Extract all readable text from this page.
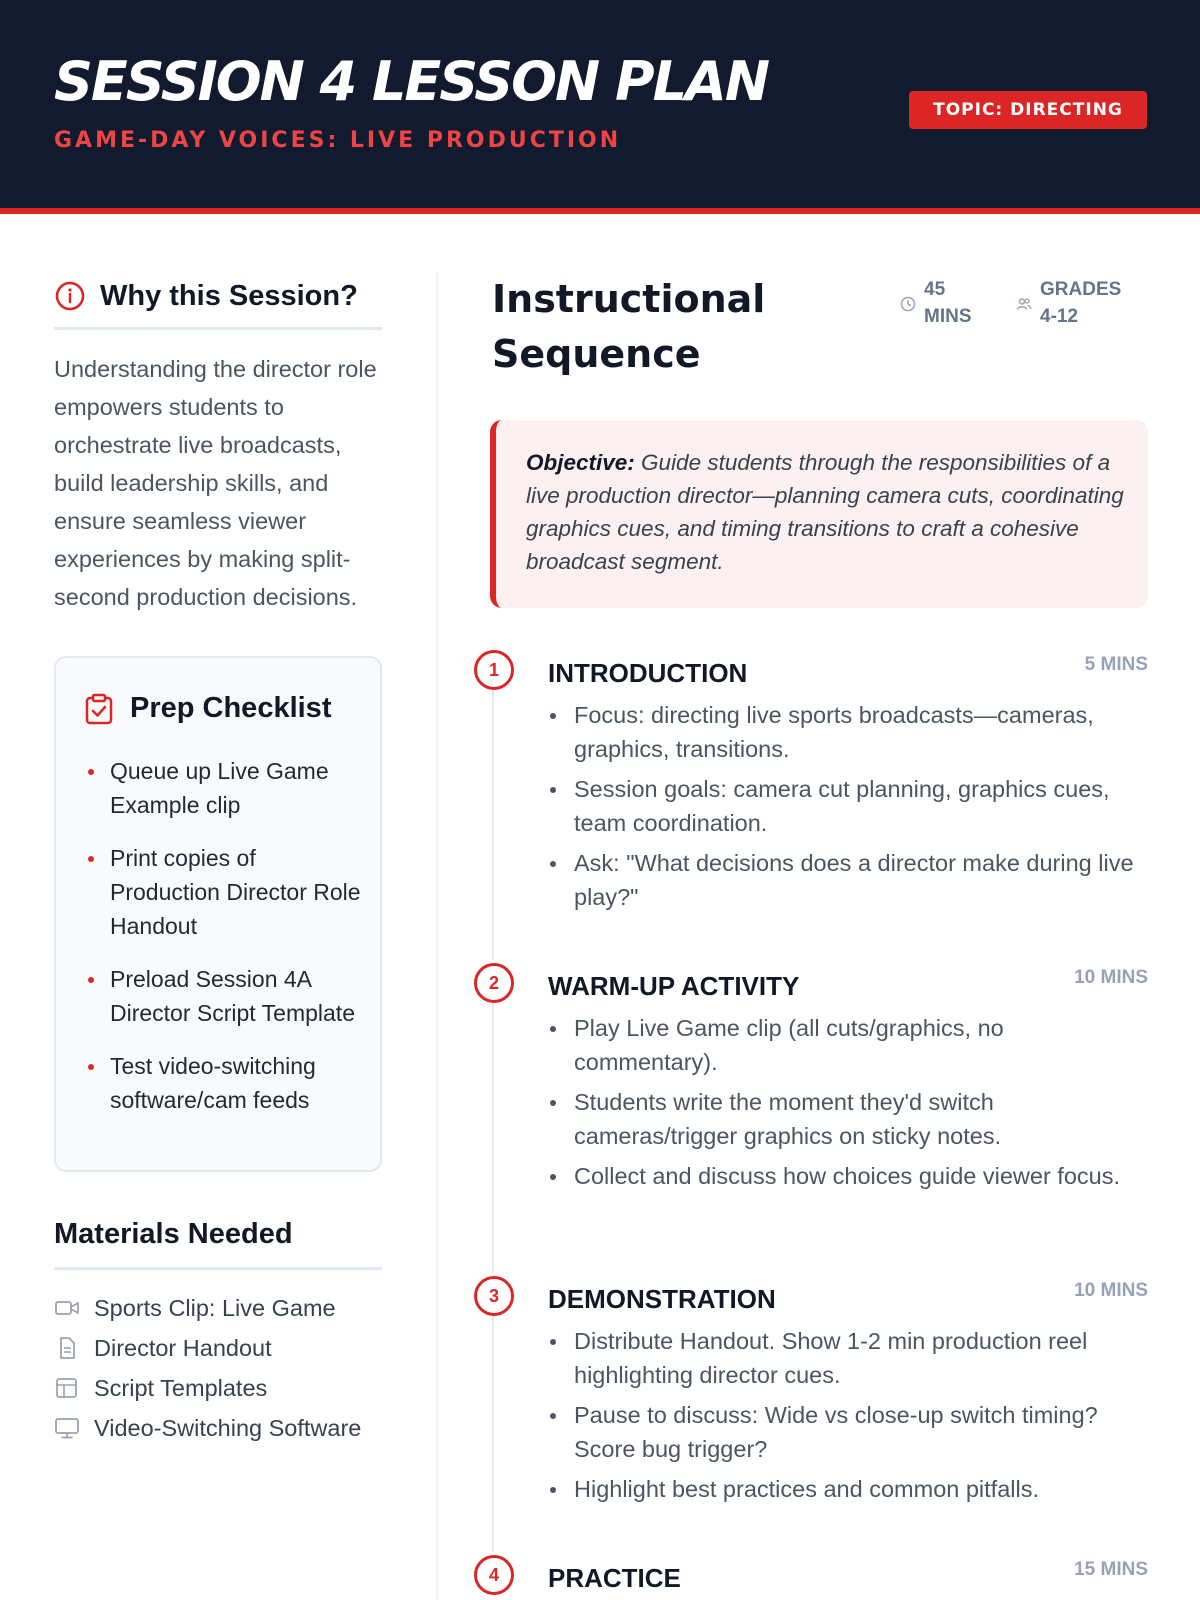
SESSION 4 LESSON PLAN
GAME-DAY VOICES: LIVE PRODUCTION
TOPIC: DIRECTING
Why this Session?
Understanding the director role empowers students to orchestrate live broadcasts, build leadership skills, and ensure seamless viewer experiences by making split-second production decisions.
Prep Checklist
Queue up Live Game Example clip
Print copies of Production Director Role Handout
Preload Session 4A Director Script Template
Test video-switching software/cam feeds
Materials Needed
Sports Clip: Live Game
Director Handout
Script Templates
Video-Switching Software
Instructional
Sequence
45
MINS
GRADES
4-12
Objective: Guide students through the responsibilities of a live production director—planning camera cuts, coordinating graphics cues, and timing transitions to craft a cohesive broadcast segment.
1	INTRODUCTION	5 MINS
Focus: directing live sports broadcasts—cameras, graphics, transitions.
Session goals: camera cut planning, graphics cues, team coordination.
Ask: "What decisions does a director make during live play?"
2	WARM-UP ACTIVITY	10 MINS
Play Live Game clip (all cuts/graphics, no commentary).
Students write the moment they'd switch cameras/trigger graphics on sticky notes.
Collect and discuss how choices guide viewer focus.
3	DEMONSTRATION	10 MINS
Distribute Handout. Show 1-2 min production reel highlighting director cues.
Pause to discuss: Wide vs close-up switch timing? Score bug trigger?
Highlight best practices and common pitfalls.
4	PRACTICE	15 MINS
